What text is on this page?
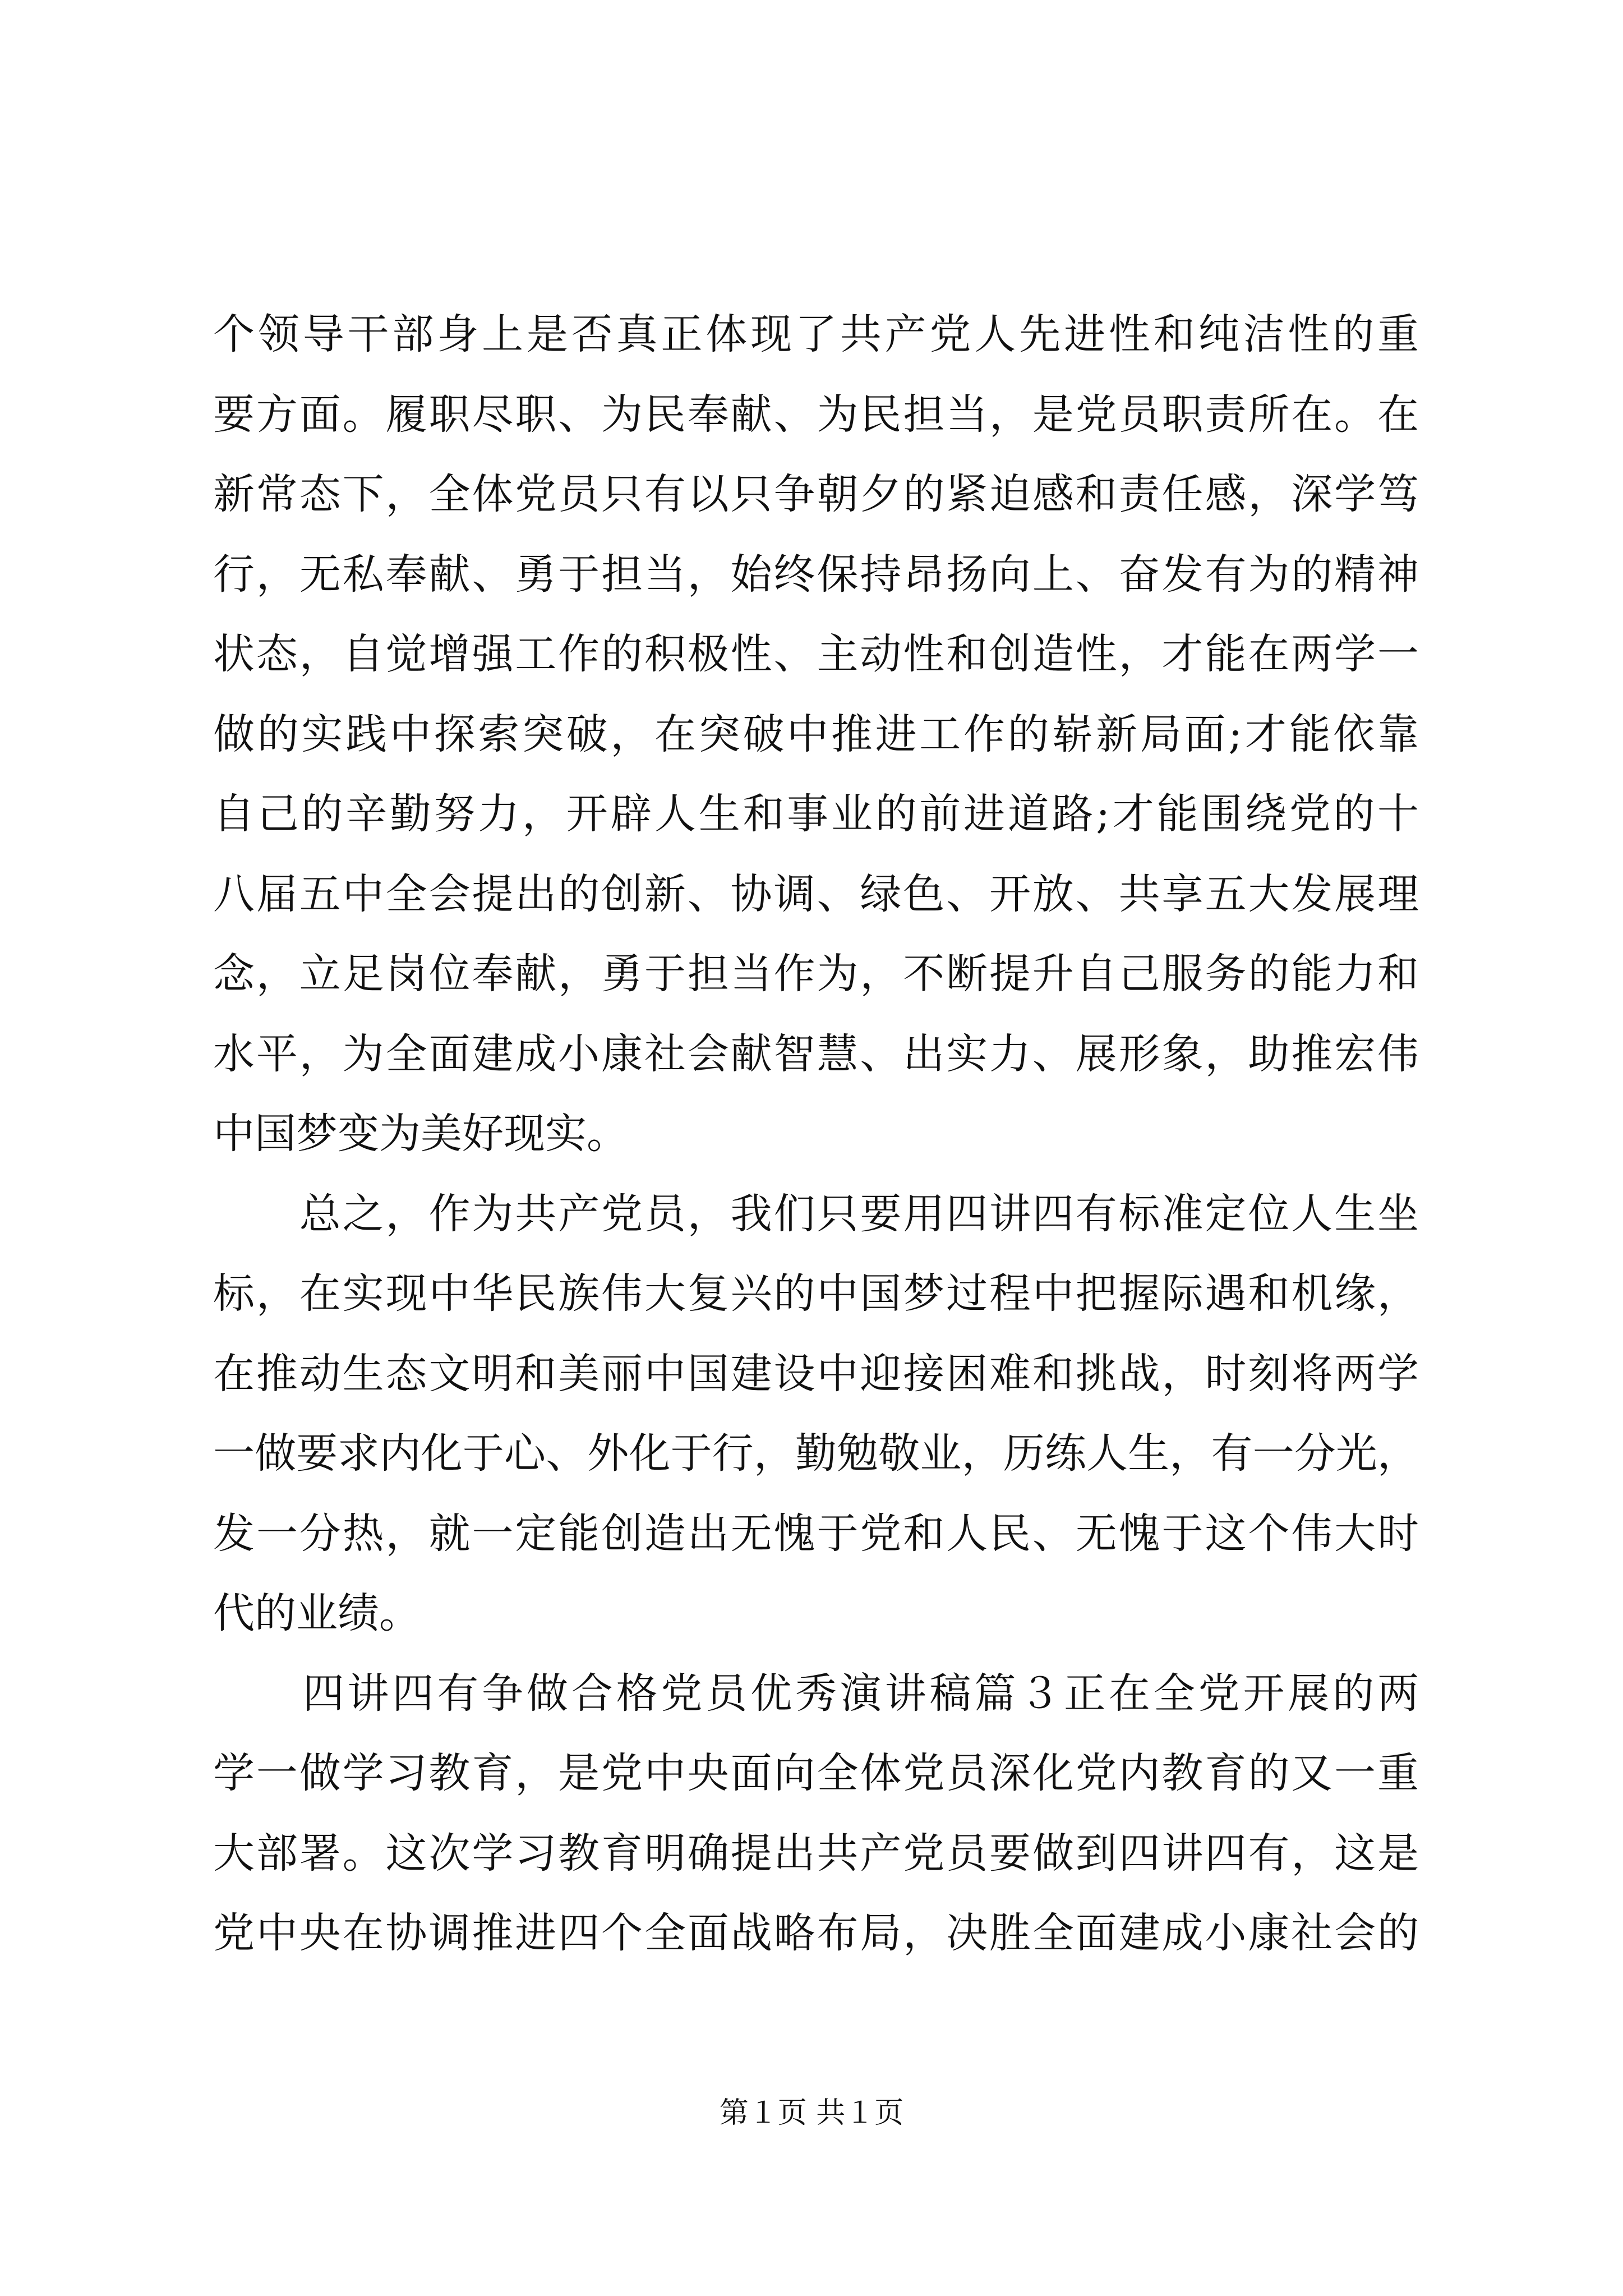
个领导干部身上是否真正体现了共产党人先进性和纯洁性的重
要方面。履职尽职、为民奉献、为民担当，是党员职责所在。在
新常态下，全体党员只有以只争朝夕的紧迫感和责任感，深学笃
行，无私奉献、勇于担当，始终保持昂扬向上、奋发有为的精神
状态，自觉增强工作的积极性、主动性和创造性，才能在两学一
做的实践中探索突破，在突破中推进工作的崭新局面;才能依靠
自己的辛勤努力，开辟人生和事业的前进道路;才能围绕党的十
八届五中全会提出的创新、协调、绿色、开放、共享五大发展理
念，立足岗位奉献，勇于担当作为，不断提升自己服务的能力和
水平，为全面建成小康社会献智慧、出实力、展形象，助推宏伟
中国梦变为美好现实。
　　总之，作为共产党员，我们只要用四讲四有标准定位人生坐
标，在实现中华民族伟大复兴的中国梦过程中把握际遇和机缘，
在推动生态文明和美丽中国建设中迎接困难和挑战，时刻将两学
一做要求内化于心、外化于行，勤勉敬业，历练人生，有一分光，
发一分热，就一定能创造出无愧于党和人民、无愧于这个伟大时
代的业绩。
　　四讲四有争做合格党员优秀演讲稿篇３正在全党开展的两
学一做学习教育，是党中央面向全体党员深化党内教育的又一重
大部署。这次学习教育明确提出共产党员要做到四讲四有，这是
党中央在协调推进四个全面战略布局，决胜全面建成小康社会的
第１页 共１页
